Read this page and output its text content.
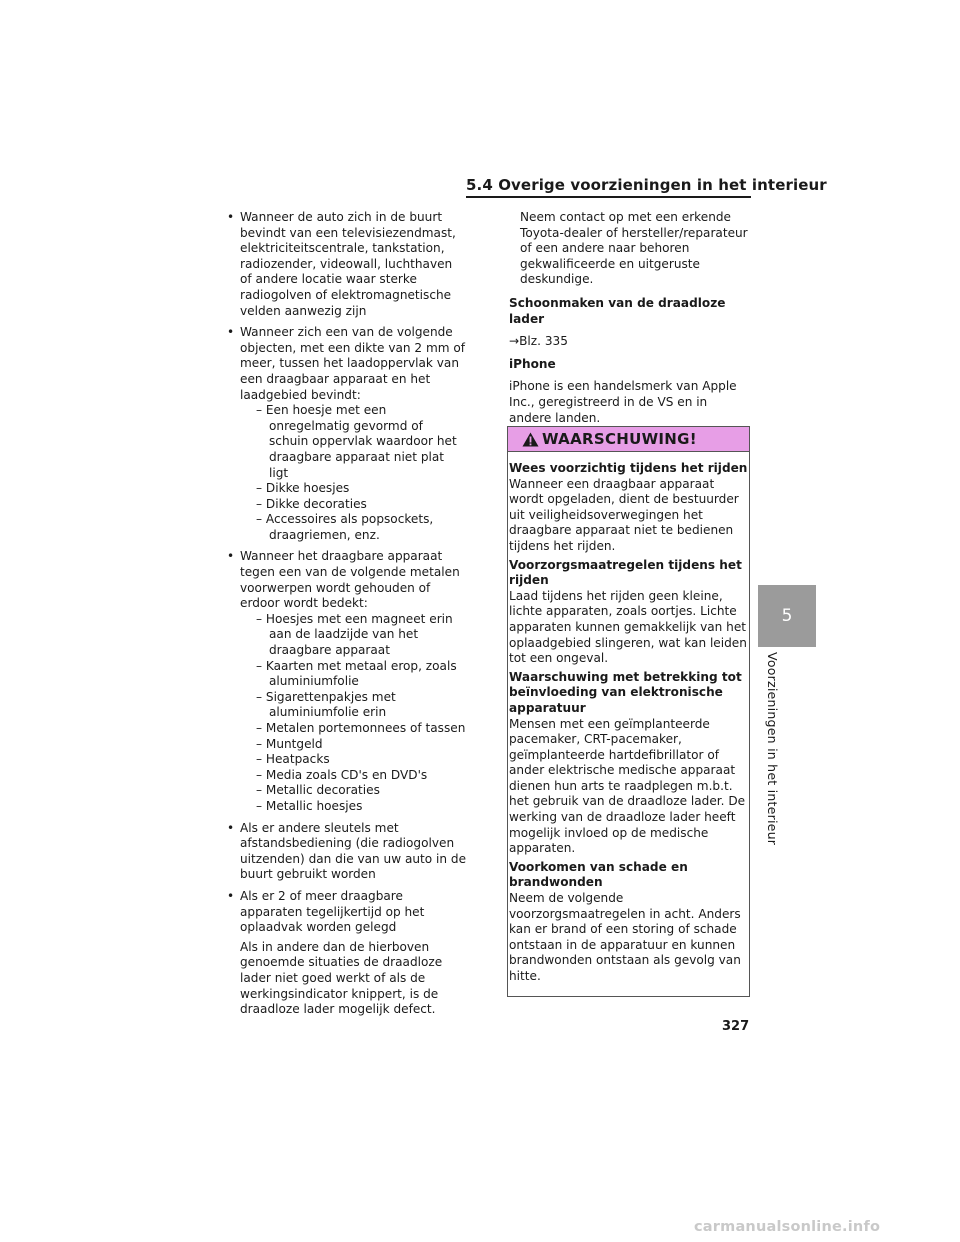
5.4 Overige voorzieningen in het interieur
• Wanneer de auto zich in de buurt bevindt van een televisiezendmast, elektriciteitscentrale, tankstation, radiozender, videowall, luchthaven of andere locatie waar sterke radiogolven of elektromagnetische velden aanwezig zijn
• Wanneer zich een van de volgende objecten, met een dikte van 2 mm of meer, tussen het laadoppervlak van een draagbaar apparaat en het laadgebied bevindt:
– Een hoesje met een onregelmatig gevormd of schuin oppervlak waardoor het draagbare apparaat niet plat ligt
– Dikke hoesjes
– Dikke decoraties
– Accessoires als popsockets, draagriemen, enz.
• Wanneer het draagbare apparaat tegen een van de volgende metalen voorwerpen wordt gehouden of erdoor wordt bedekt:
– Hoesjes met een magneet erin aan de laadzijde van het draagbare apparaat
– Kaarten met metaal erop, zoals aluminiumfolie
– Sigarettenpakjes met aluminiumfolie erin
– Metalen portemonnees of tassen
– Muntgeld
– Heatpacks
– Media zoals CD's en DVD's
– Metallic decoraties
– Metallic hoesjes
• Als er andere sleutels met afstandsbediening (die radiogolven uitzenden) dan die van uw auto in de buurt gebruikt worden
• Als er 2 of meer draagbare apparaten tegelijkertijd op het oplaadvak worden gelegd
Als in andere dan de hierboven genoemde situaties de draadloze lader niet goed werkt of als de werkingsindicator knippert, is de draadloze lader mogelijk defect.
Neem contact op met een erkende Toyota-dealer of hersteller/reparateur of een andere naar behoren gekwalificeerde en uitgeruste deskundige.
Schoonmaken van de draadloze lader
→Blz. 335
iPhone
iPhone is een handelsmerk van Apple Inc., geregistreerd in de VS en in andere landen.
WAARSCHUWING!
Wees voorzichtig tijdens het rijden
Wanneer een draagbaar apparaat wordt opgeladen, dient de bestuurder uit veiligheidsoverwegingen het draagbare apparaat niet te bedienen tijdens het rijden.
Voorzorgsmaatregelen tijdens het rijden
Laad tijdens het rijden geen kleine, lichte apparaten, zoals oortjes. Lichte apparaten kunnen gemakkelijk van het oplaadgebied slingeren, wat kan leiden tot een ongeval.
Waarschuwing met betrekking tot beïnvloeding van elektronische apparatuur
Mensen met een geïmplanteerde pacemaker, CRT-pacemaker, geïmplanteerde hartdefibrillator of ander elektrische medische apparaat dienen hun arts te raadplegen m.b.t. het gebruik van de draadloze lader. De werking van de draadloze lader heeft mogelijk invloed op de medische apparaten.
Voorkomen van schade en brandwonden
Neem de volgende voorzorgsmaatregelen in acht. Anders kan er brand of een storing of schade ontstaan in de apparatuur en kunnen brandwonden ontstaan als gevolg van hitte.
5
Voorzieningen in het interieur
327
carmanualsonline.info
